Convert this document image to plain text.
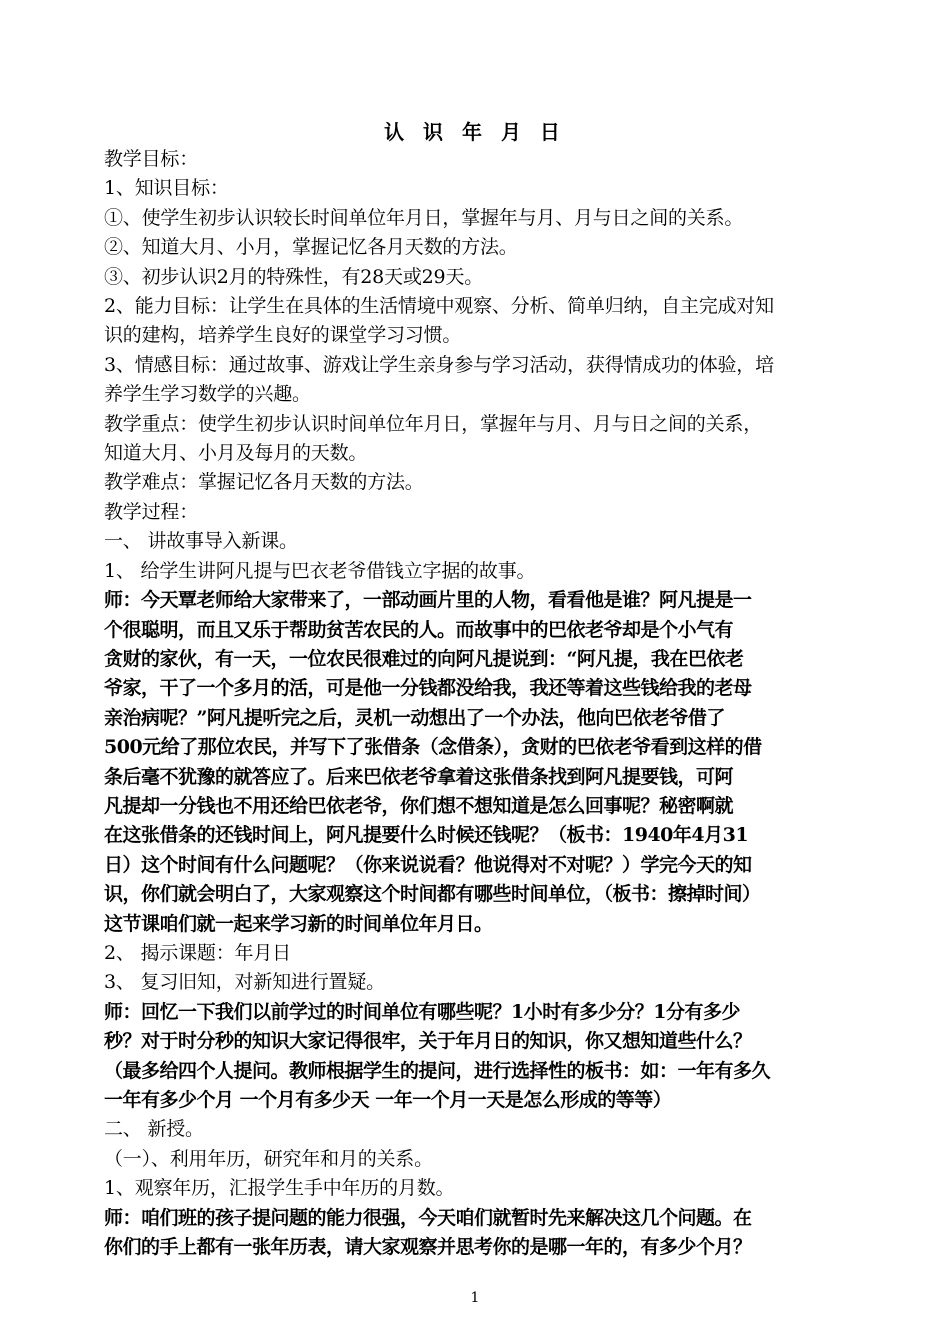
认 识 年 月 日
教学目标：
1、知识目标：
①、使学生初步认识较长时间单位年月日，掌握年与月、月与日之间的关系。
②、知道大月、小月，掌握记忆各月天数的方法。
③、初步认识2月的特殊性，有28天或29天。
2、能力目标：让学生在具体的生活情境中观察、分析、简单归纳，自主完成对知
识的建构，培养学生良好的课堂学习习惯。
3、情感目标：通过故事、游戏让学生亲身参与学习活动，获得情成功的体验，培
养学生学习数学的兴趣。
教学重点：使学生初步认识时间单位年月日，掌握年与月、月与日之间的关系，
知道大月、小月及每月的天数。
教学难点：掌握记忆各月天数的方法。
教学过程：
一、 讲故事导入新课。
1、 给学生讲阿凡提与巴衣老爷借钱立字据的故事。
师：今天覃老师给大家带来了，一部动画片里的人物，看看他是谁？阿凡提是一
个很聪明，而且又乐于帮助贫苦农民的人。而故事中的巴依老爷却是个小气有
贪财的家伙，有一天，一位农民很难过的向阿凡提说到：“阿凡提，我在巴依老
爷家，干了一个多月的活，可是他一分钱都没给我，我还等着这些钱给我的老母
亲治病呢？”阿凡提听完之后，灵机一动想出了一个办法，他向巴依老爷借了
500元给了那位农民，并写下了张借条（念借条），贪财的巴依老爷看到这样的借
条后毫不犹豫的就答应了。后来巴依老爷拿着这张借条找到阿凡提要钱，可阿
凡提却一分钱也不用还给巴依老爷，你们想不想知道是怎么回事呢？秘密啊就
在这张借条的还钱时间上，阿凡提要什么时候还钱呢？（板书：1940年4月31
日）这个时间有什么问题呢？（你来说说看？他说得对不对呢？）学完今天的知
识，你们就会明白了，大家观察这个时间都有哪些时间单位，（板书：擦掉时间）
这节课咱们就一起来学习新的时间单位年月日。
2、 揭示课题：年月日
3、 复习旧知，对新知进行置疑。
师：回忆一下我们以前学过的时间单位有哪些呢？1小时有多少分？1分有多少
秒？对于时分秒的知识大家记得很牢，关于年月日的知识，你又想知道些什么？
（最多给四个人提问。教师根据学生的提问，进行选择性的板书：如：一年有多久
一年有多少个月 一个月有多少天 一年一个月一天是怎么形成的等等）
二、 新授。
（一）、利用年历，研究年和月的关系。
1、观察年历，汇报学生手中年历的月数。
师：咱们班的孩子提问题的能力很强，今天咱们就暂时先来解决这几个问题。在
你们的手上都有一张年历表，请大家观察并思考你的是哪一年的，有多少个月？
1
